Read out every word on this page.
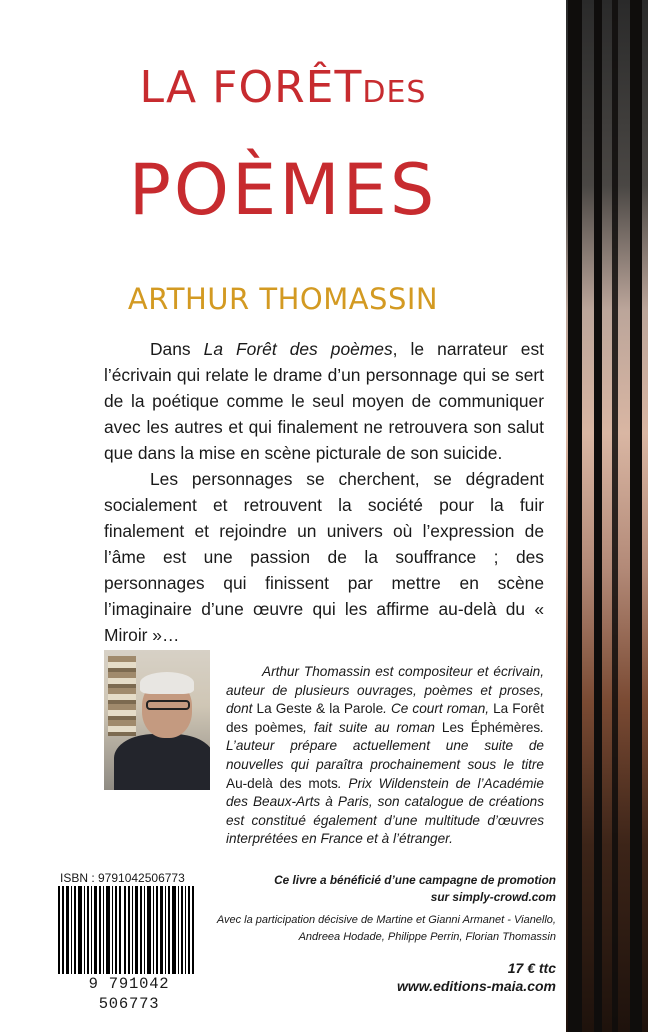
LA FORÊTDES
POÈMES
ARTHUR THOMASSIN

Dans La Forêt des poèmes, le narrateur est l’écrivain qui relate le drame d’un personnage qui se sert de la poétique comme le seul moyen de communiquer avec les autres et qui finalement ne retrouvera son salut que dans la mise en scène picturale de son suicide.

Les personnages se cherchent, se dégradent socialement et retrouvent la société pour la fuir finalement et rejoindre un univers où l’expression de l’âme est une passion de la souffrance ; des personnages qui finissent par mettre en scène l’imaginaire d’une œuvre qui les affirme au-delà du « Miroir »…

Arthur Thomassin est compositeur et écrivain, auteur de plusieurs ouvrages, poèmes et proses, dont La Geste & la Parole. Ce court roman, La Forêt des poèmes, fait suite au roman Les Éphémères. L’auteur prépare actuellement une suite de nouvelles qui paraîtra prochainement sous le titre Au-delà des mots. Prix Wildenstein de l’Académie des Beaux-Arts à Paris, son catalogue de créations est constitué également d’une multitude d’œuvres interprétées en France et à l’étranger.

ISBN : 9791042506773
9 791042 506773
Ce livre a bénéficié d’une campagne de promotion
sur simply-crowd.com
Avec la participation décisive de Martine et Gianni Armanet - Vianello,
Andreea Hodade, Philippe Perrin, Florian Thomassin
17 € ttc
www.editions-maia.com
